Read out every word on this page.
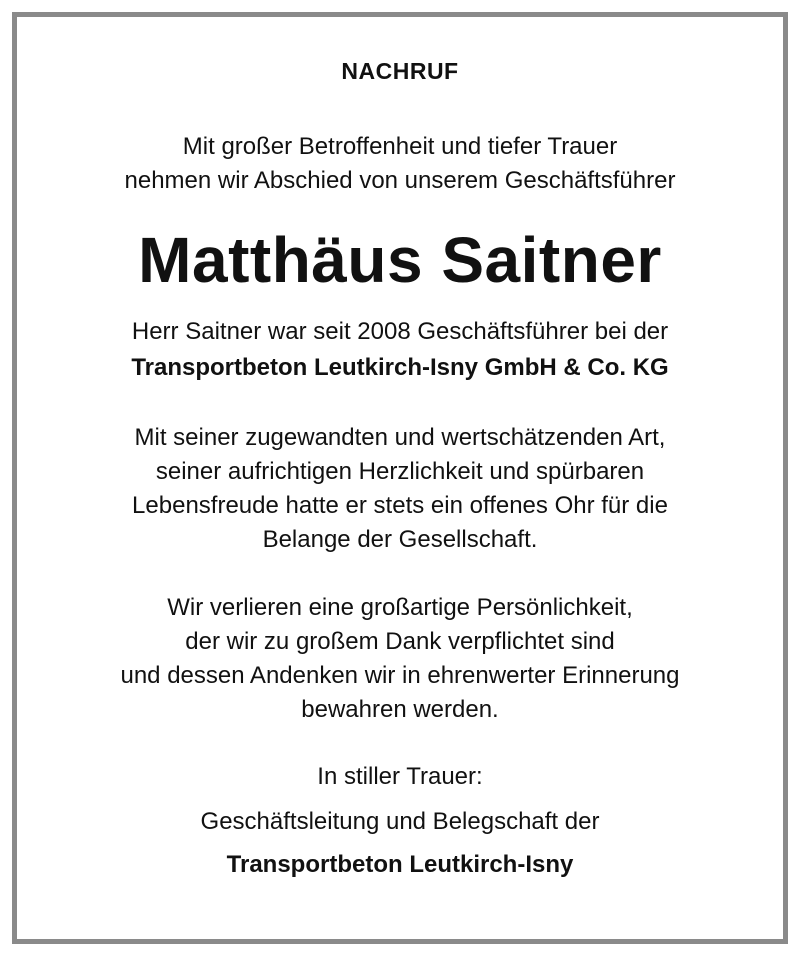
NACHRUF
Mit großer Betroffenheit und tiefer Trauer
nehmen wir Abschied von unserem Geschäftsführer
Matthäus Saitner
Herr Saitner war seit 2008 Geschäftsführer bei der
Transportbeton Leutkirch-Isny GmbH & Co. KG
Mit seiner zugewandten und wertschätzenden Art,
seiner aufrichtigen Herzlichkeit und spürbaren
Lebensfreude hatte er stets ein offenes Ohr für die
Belange der Gesellschaft.
Wir verlieren eine großartige Persönlichkeit,
der wir zu großem Dank verpflichtet sind
und dessen Andenken wir in ehrenwerter Erinnerung
bewahren werden.
In stiller Trauer:
Geschäftsleitung und Belegschaft der
Transportbeton Leutkirch-Isny
